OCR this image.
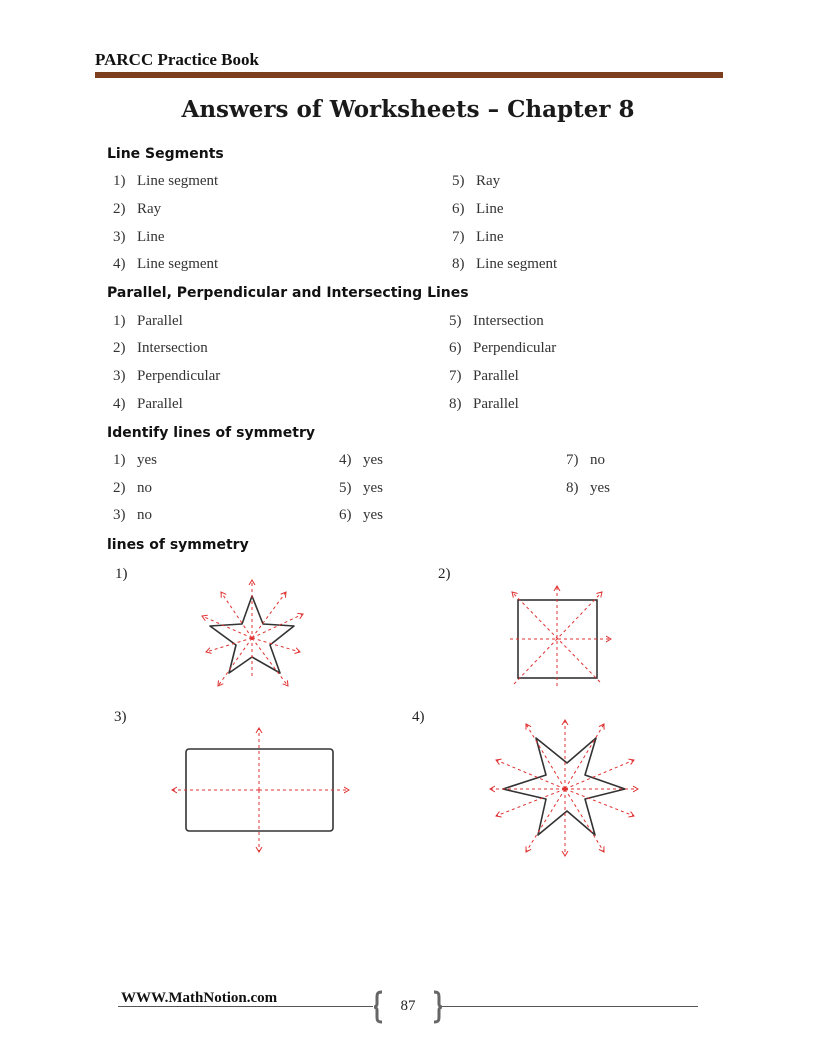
PARCC Practice Book
Answers of Worksheets – Chapter 8
Line Segments
1) Line segment
2) Ray
3) Line
4) Line segment
5) Ray
6) Line
7) Line
8) Line segment
Parallel, Perpendicular and Intersecting Lines
1) Parallel
2) Intersection
3) Perpendicular
4) Parallel
5) Intersection
6) Perpendicular
7) Parallel
8) Parallel
Identify lines of symmetry
1) yes
2) no
3) no
4) yes
5) yes
6) yes
7) no
8) yes
lines of symmetry
1)	2)
3)	4)
WWW.MathNotion.com	87
